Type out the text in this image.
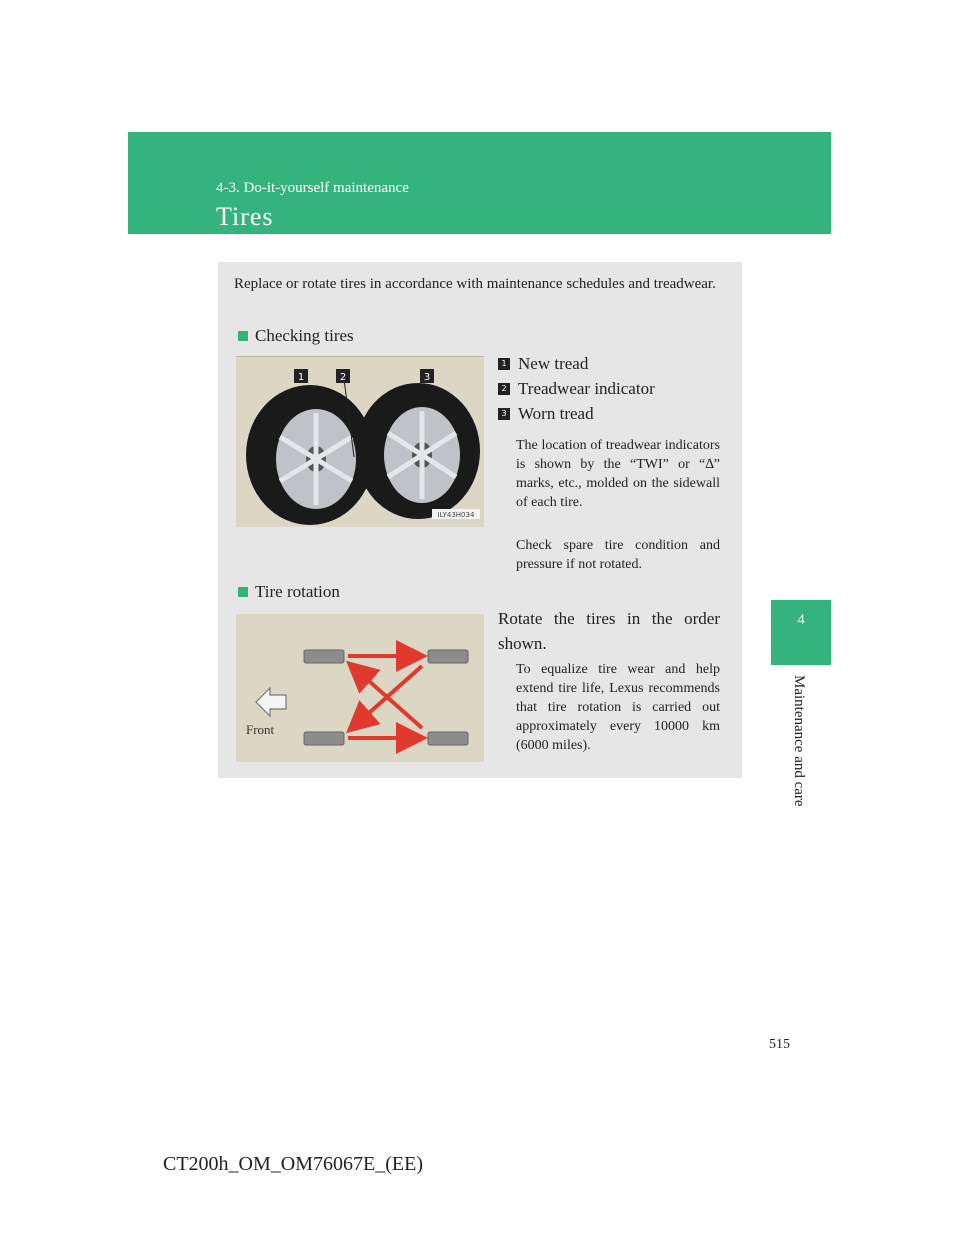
4-3. Do-it-yourself maintenance
Tires
4
Maintenance and care
Replace or rotate tires in accordance with maintenance schedules and treadwear.
Checking tires
1	2	3
ILY43H034
1 New tread
2 Treadwear indicator
3 Worn tread
The location of treadwear indicators is shown by the “TWI” or “∆” marks, etc., molded on the sidewall of each tire.
Check spare tire condition and pressure if not rotated.
Tire rotation
Front
Rotate the tires in the order shown.
To equalize tire wear and help extend tire life, Lexus recommends that tire rotation is carried out approximately every 10000 km (6000 miles).
515
CT200h_OM_OM76067E_(EE)
